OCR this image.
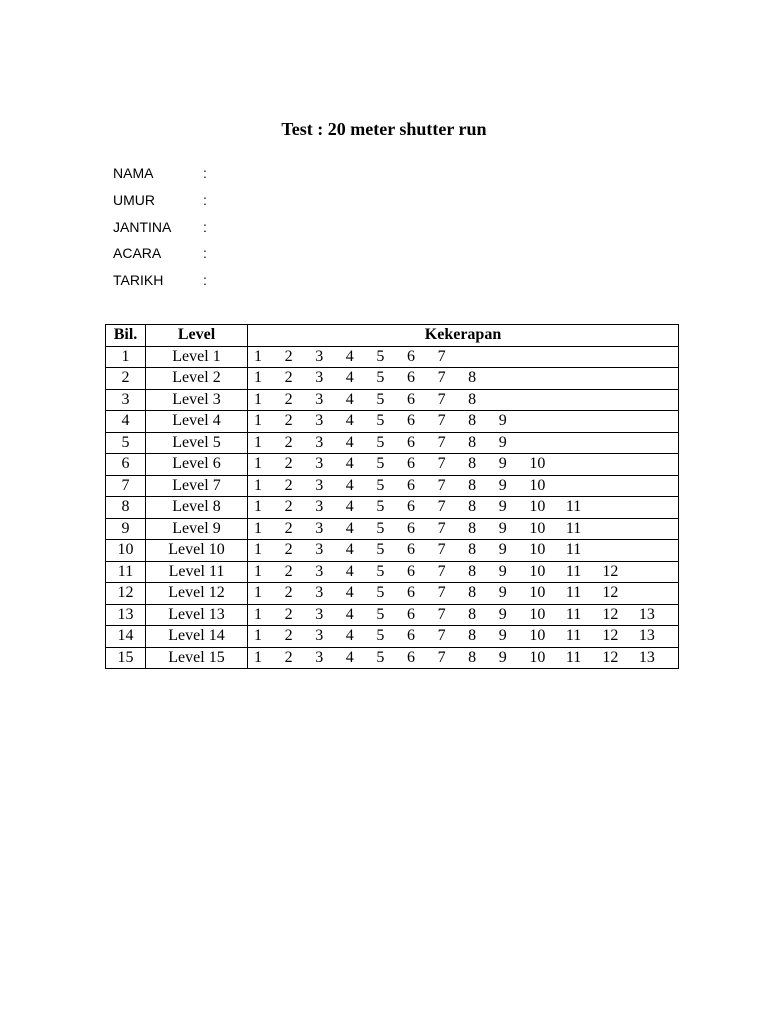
Test : 20 meter shutter run
NAMA	:
UMUR	:
JANTINA	:
ACARA	:
TARIKH	:
Bil.	Level	Kekerapan
1	Level 1	1 2 3 4 5 6 7
2	Level 2	1 2 3 4 5 6 7 8
3	Level 3	1 2 3 4 5 6 7 8
4	Level 4	1 2 3 4 5 6 7 8 9
5	Level 5	1 2 3 4 5 6 7 8 9
6	Level 6	1 2 3 4 5 6 7 8 9 10
7	Level 7	1 2 3 4 5 6 7 8 9 10
8	Level 8	1 2 3 4 5 6 7 8 9 10 11
9	Level 9	1 2 3 4 5 6 7 8 9 10 11
10	Level 10	1 2 3 4 5 6 7 8 9 10 11
11	Level 11	1 2 3 4 5 6 7 8 9 10 11 12
12	Level 12	1 2 3 4 5 6 7 8 9 10 11 12
13	Level 13	1 2 3 4 5 6 7 8 9 10 11 12 13
14	Level 14	1 2 3 4 5 6 7 8 9 10 11 12 13
15	Level 15	1 2 3 4 5 6 7 8 9 10 11 12 13
